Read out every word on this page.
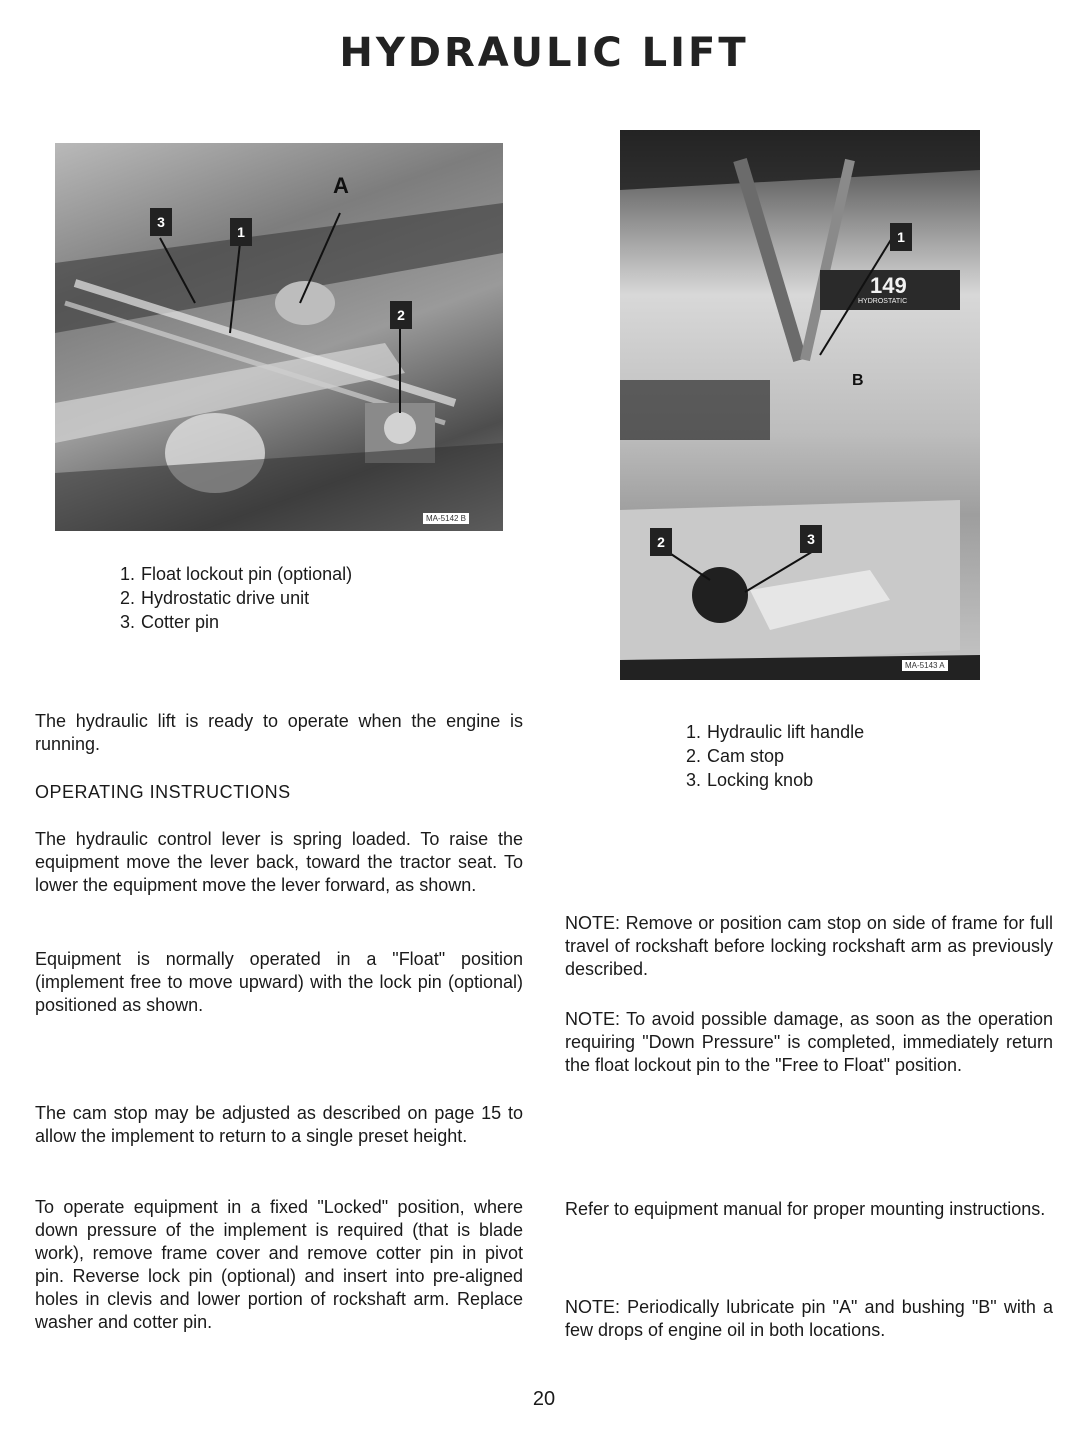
HYDRAULIC LIFT
A
3
1
2
MA-5142 B
1. Float lockout pin (optional)
2. Hydrostatic drive unit
3. Cotter pin
1
2	3
149
HYDROSTATIC
B
MA-5143 A
1. Hydraulic lift handle
2. Cam stop
3. Locking knob

The hydraulic lift is ready to operate when the engine is running.

OPERATING INSTRUCTIONS

The hydraulic control lever is spring loaded. To raise the equipment move the lever back, toward the tractor seat. To lower the equipment move the lever forward, as shown.

Equipment is normally operated in a "Float" position (implement free to move upward) with the lock pin (optional) positioned as shown.

The cam stop may be adjusted as described on page 15 to allow the implement to return to a single preset height.

To operate equipment in a fixed "Locked" position, where down pressure of the implement is required (that is blade work), remove frame cover and remove cotter pin in pivot pin. Reverse lock pin (optional) and insert into pre-aligned holes in clevis and lower portion of rockshaft arm. Replace washer and cotter pin.

NOTE: Remove or position cam stop on side of frame for full travel of rockshaft before locking rockshaft arm as previously described.

NOTE: To avoid possible damage, as soon as the operation requiring "Down Pressure" is completed, immediately return the float lockout pin to the "Free to Float" position.

Refer to equipment manual for proper mounting instructions.

NOTE: Periodically lubricate pin "A" and bushing "B" with a few drops of engine oil in both locations.

20
